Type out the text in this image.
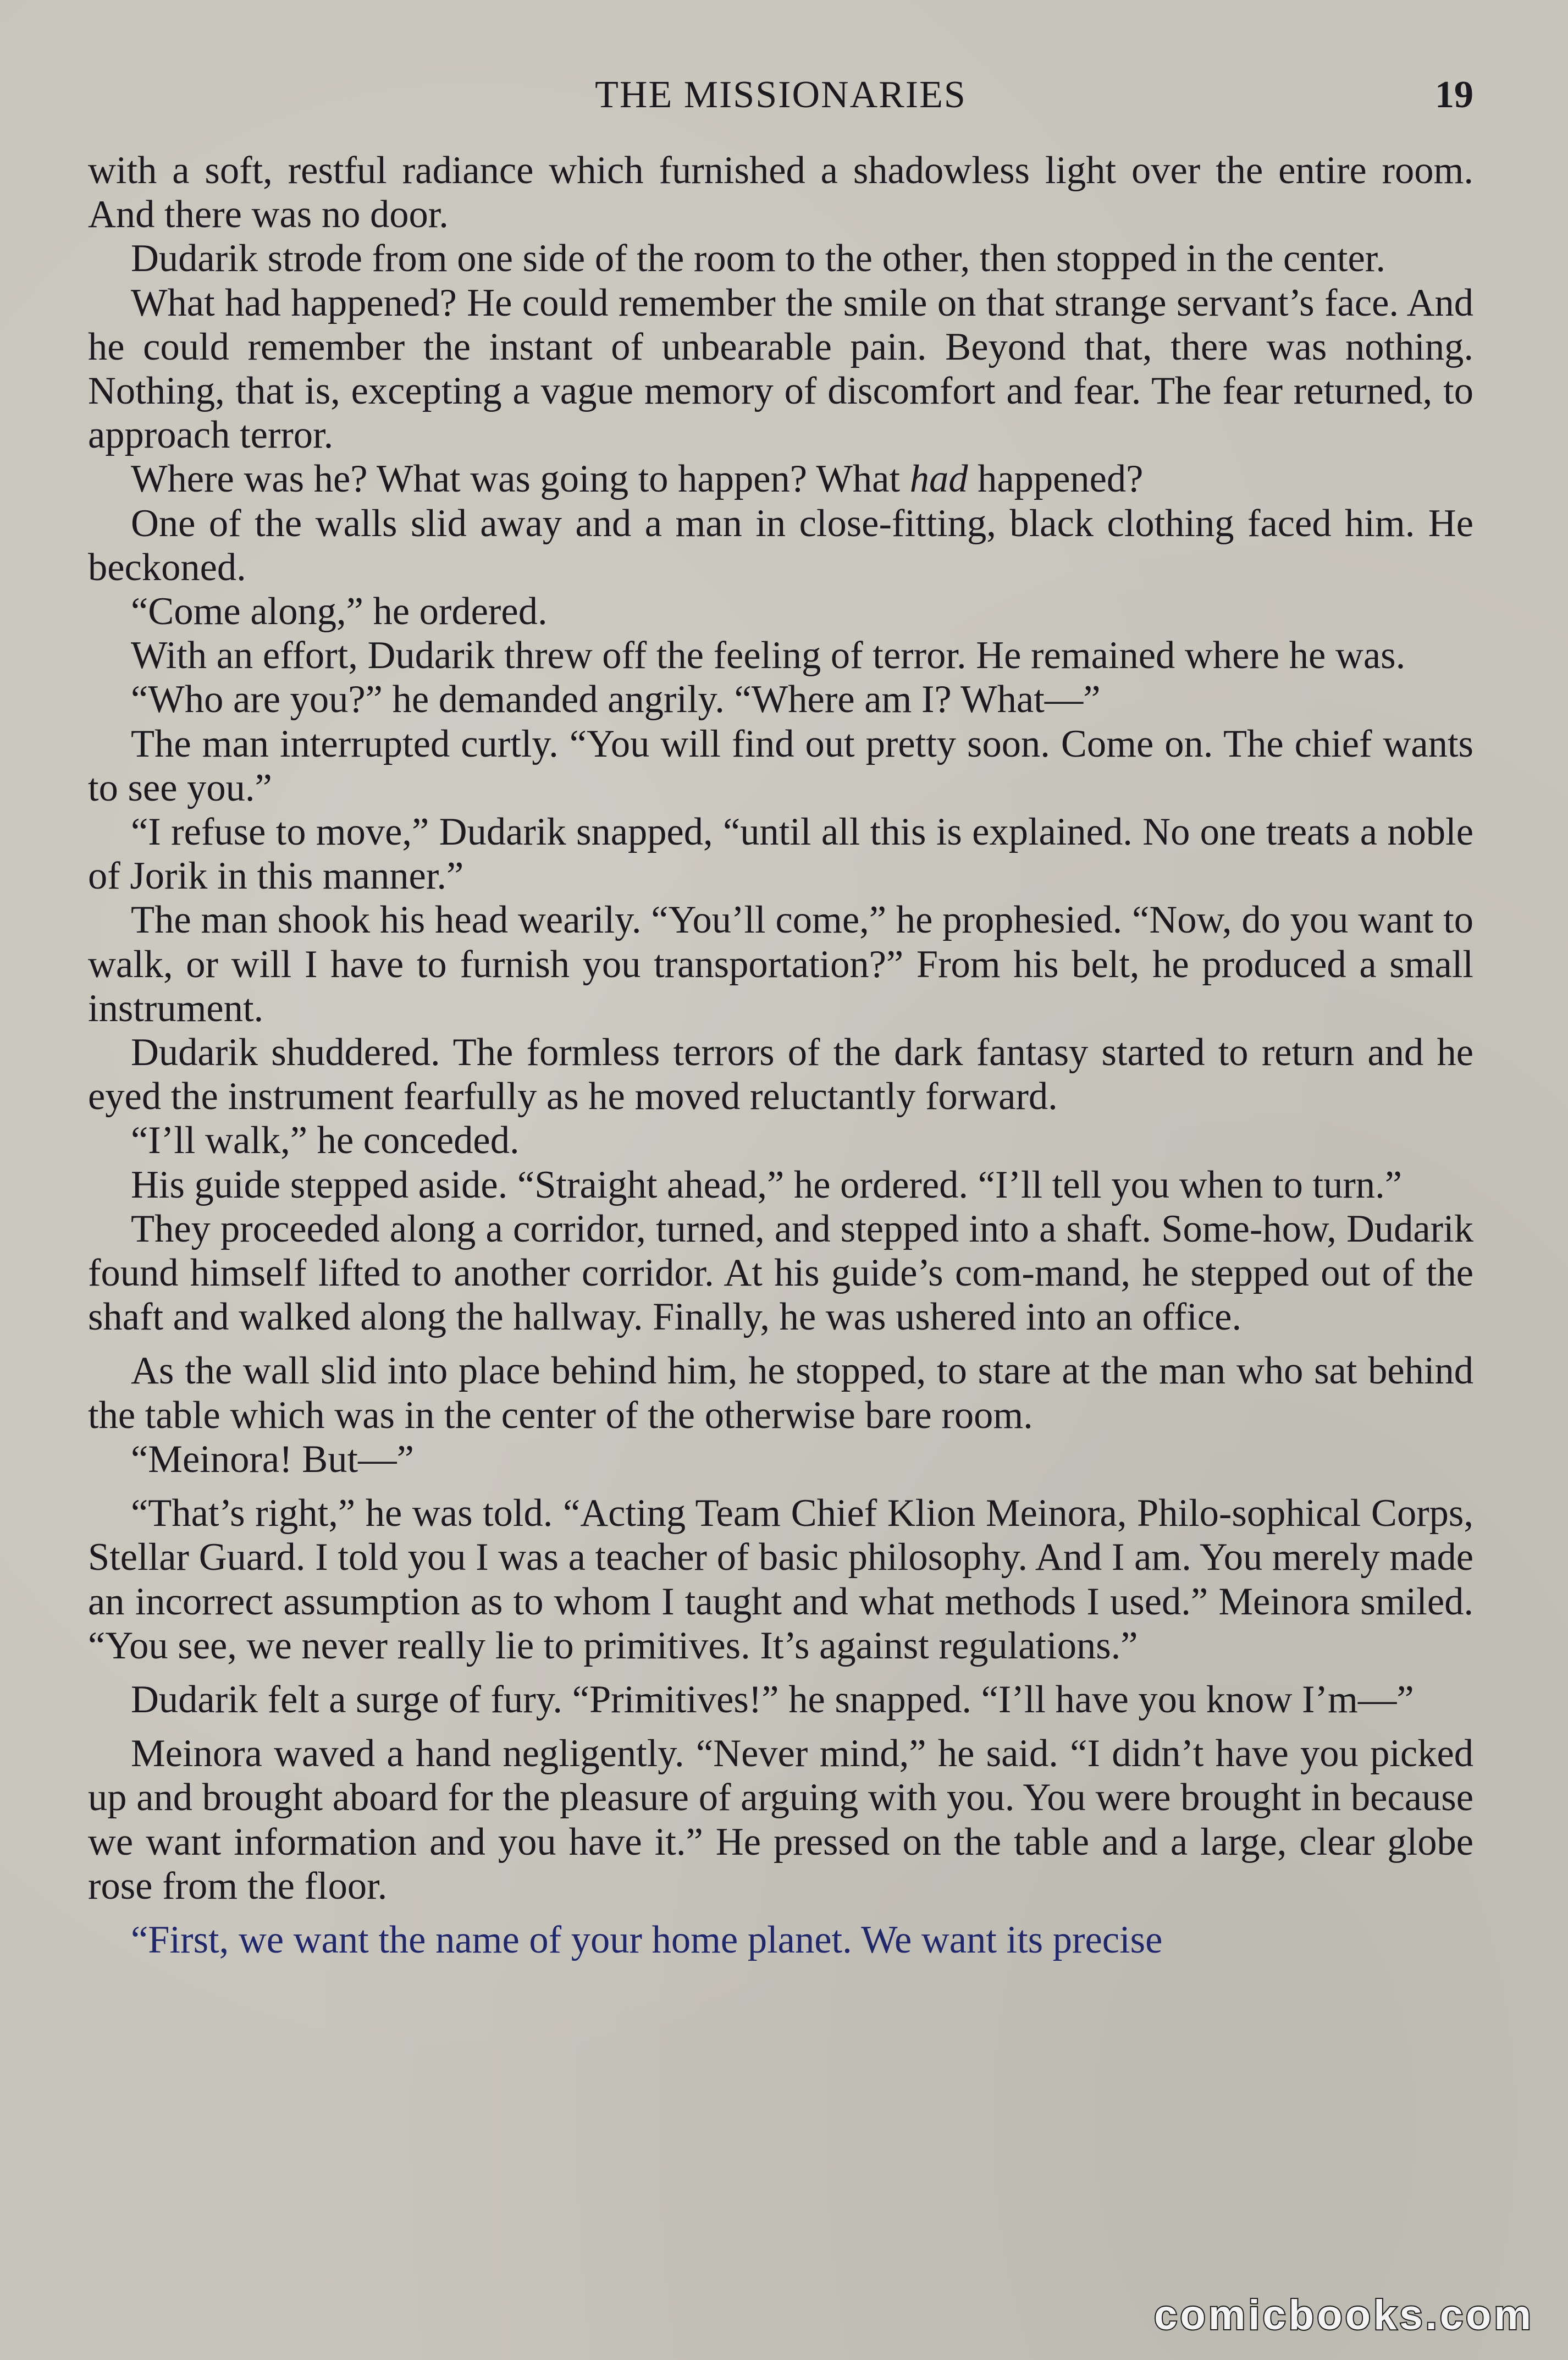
THE MISSIONARIES	19

with a soft, restful radiance which furnished a shadowless light over the entire room. And there was no door.

Dudarik strode from one side of the room to the other, then stopped in the center.

What had happened? He could remember the smile on that strange servant’s face. And he could remember the instant of unbearable pain. Beyond that, there was nothing. Nothing, that is, excepting a vague memory of discomfort and fear. The fear returned, to approach terror.

Where was he? What was going to happen? What had happened?

One of the walls slid away and a man in close-fitting, black clothing faced him. He beckoned.

“Come along,” he ordered.

With an effort, Dudarik threw off the feeling of terror. He remained where he was.

“Who are you?” he demanded angrily. “Where am I? What—”

The man interrupted curtly. “You will find out pretty soon. Come on. The chief wants to see you.”

“I refuse to move,” Dudarik snapped, “until all this is explained. No one treats a noble of Jorik in this manner.”

The man shook his head wearily. “You’ll come,” he prophesied. “Now, do you want to walk, or will I have to furnish you transportation?” From his belt, he produced a small instrument.

Dudarik shuddered. The formless terrors of the dark fantasy started to return and he eyed the instrument fearfully as he moved reluctantly forward.

“I’ll walk,” he conceded.

His guide stepped aside. “Straight ahead,” he ordered. “I’ll tell you when to turn.”

They proceeded along a corridor, turned, and stepped into a shaft. Some-how, Dudarik found himself lifted to another corridor. At his guide’s com-mand, he stepped out of the shaft and walked along the hallway. Finally, he was ushered into an office.

As the wall slid into place behind him, he stopped, to stare at the man who sat behind the table which was in the center of the otherwise bare room.

“Meinora! But—”

“That’s right,” he was told. “Acting Team Chief Klion Meinora, Philo-sophical Corps, Stellar Guard. I told you I was a teacher of basic philosophy. And I am. You merely made an incorrect assumption as to whom I taught and what methods I used.” Meinora smiled. “You see, we never really lie to primitives. It’s against regulations.”

Dudarik felt a surge of fury. “Primitives!” he snapped. “I’ll have you know I’m—”

Meinora waved a hand negligently. “Never mind,” he said. “I didn’t have you picked up and brought aboard for the pleasure of arguing with you. You were brought in because we want information and you have it.” He pressed on the table and a large, clear globe rose from the floor.

“First, we want the name of your home planet. We want its precise

comicbooks.com
